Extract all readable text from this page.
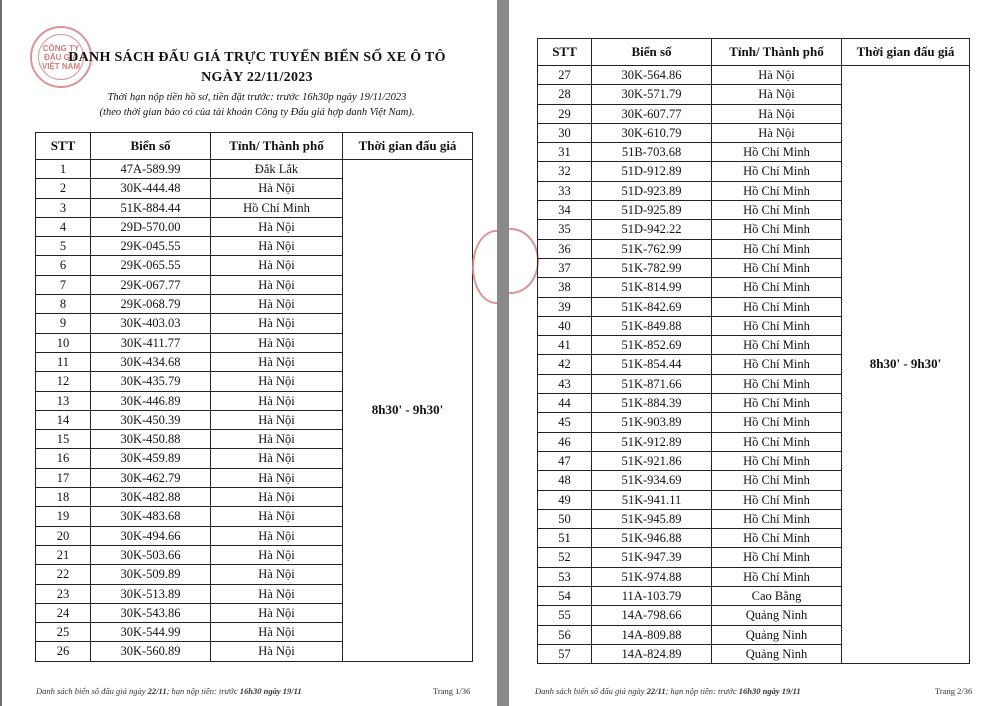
CÔNG TY
ĐẤU GIÁ
VIỆT NAM
DANH SÁCH ĐẤU GIÁ TRỰC TUYẾN BIỂN SỐ XE Ô TÔ
NGÀY 22/11/2023
Thời hạn nộp tiền hồ sơ, tiền đặt trước: trước 16h30p ngày 19/11/2023
(theo thời gian báo có của tài khoản Công ty Đấu giá hợp danh Việt Nam).
STT	Biển số	Tỉnh/ Thành phố	Thời gian đấu giá
1	47A-589.99	Đắk Lắk	8h30' - 9h30'
2	30K-444.48	Hà Nội	
3	51K-884.44	Hồ Chí Minh	
4	29D-570.00	Hà Nội	
5	29K-045.55	Hà Nội	
6	29K-065.55	Hà Nội	
7	29K-067.77	Hà Nội	
8	29K-068.79	Hà Nội	
9	30K-403.03	Hà Nội	
10	30K-411.77	Hà Nội	
11	30K-434.68	Hà Nội	
12	30K-435.79	Hà Nội	
13	30K-446.89	Hà Nội	
14	30K-450.39	Hà Nội	
15	30K-450.88	Hà Nội	
16	30K-459.89	Hà Nội	
17	30K-462.79	Hà Nội	
18	30K-482.88	Hà Nội	
19	30K-483.68	Hà Nội	
20	30K-494.66	Hà Nội	
21	30K-503.66	Hà Nội	
22	30K-509.89	Hà Nội	
23	30K-513.89	Hà Nội	
24	30K-543.86	Hà Nội	
25	30K-544.99	Hà Nội	
26	30K-560.89	Hà Nội	
Danh sách biển số đấu giá ngày 22/11; hạn nộp tiền: trước 16h30 ngày 19/11	Trang 1/36
STT	Biển số	Tỉnh/ Thành phố	Thời gian đấu giá
27	30K-564.86	Hà Nội	8h30' - 9h30'
28	30K-571.79	Hà Nội	
29	30K-607.77	Hà Nội	
30	30K-610.79	Hà Nội	
31	51B-703.68	Hồ Chí Minh	
32	51D-912.89	Hồ Chí Minh	
33	51D-923.89	Hồ Chí Minh	
34	51D-925.89	Hồ Chí Minh	
35	51D-942.22	Hồ Chí Minh	
36	51K-762.99	Hồ Chí Minh	
37	51K-782.99	Hồ Chí Minh	
38	51K-814.99	Hồ Chí Minh	
39	51K-842.69	Hồ Chí Minh	
40	51K-849.88	Hồ Chí Minh	
41	51K-852.69	Hồ Chí Minh	
42	51K-854.44	Hồ Chí Minh	
43	51K-871.66	Hồ Chí Minh	
44	51K-884.39	Hồ Chí Minh	
45	51K-903.89	Hồ Chí Minh	
46	51K-912.89	Hồ Chí Minh	
47	51K-921.86	Hồ Chí Minh	
48	51K-934.69	Hồ Chí Minh	
49	51K-941.11	Hồ Chí Minh	
50	51K-945.89	Hồ Chí Minh	
51	51K-946.88	Hồ Chí Minh	
52	51K-947.39	Hồ Chí Minh	
53	51K-974.88	Hồ Chí Minh	
54	11A-103.79	Cao Bằng	
55	14A-798.66	Quảng Ninh	
56	14A-809.88	Quảng Ninh	
57	14A-824.89	Quảng Ninh	
Danh sách biển số đấu giá ngày 22/11; hạn nộp tiền: trước 16h30 ngày 19/11	Trang 2/36
